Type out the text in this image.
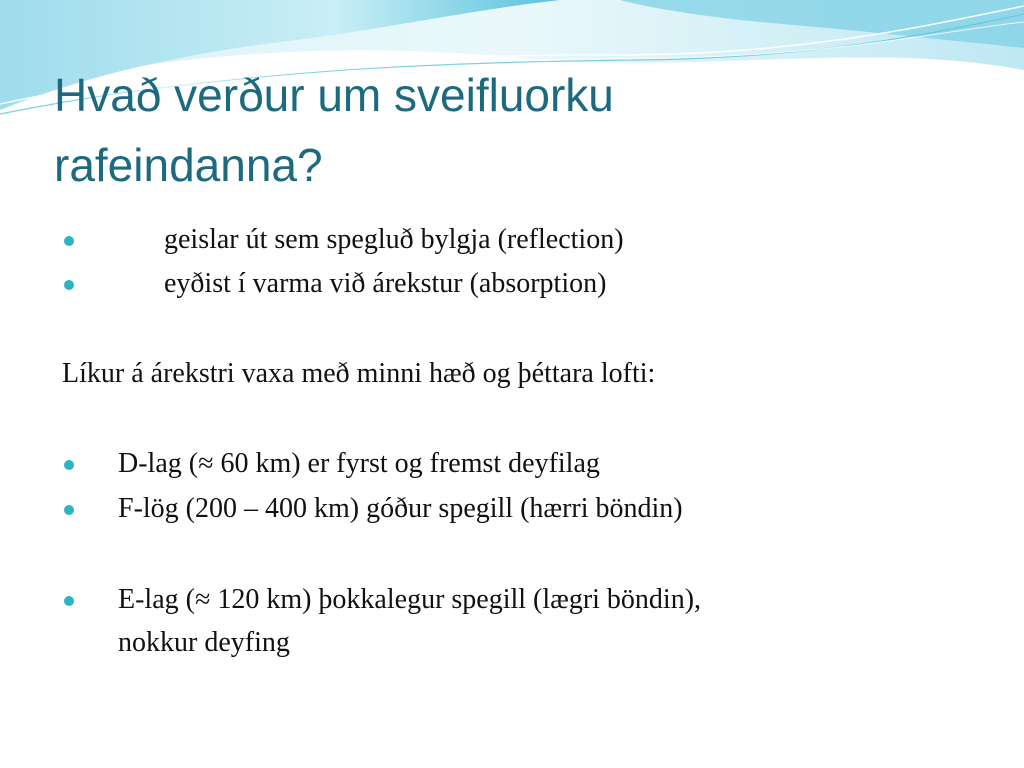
Hvað verður um sveifluorku
rafeindanna?
geislar út sem spegluð bylgja (reflection)
eyðist í varma við árekstur (absorption)
Líkur á árekstri vaxa með minni hæð og þéttara lofti:
D-lag (≈ 60 km) er fyrst og fremst deyfilag
F-lög (200 – 400 km) góður spegill (hærri böndin)
E-lag (≈ 120 km) þokkalegur spegill (lægri böndin),
nokkur deyfing
